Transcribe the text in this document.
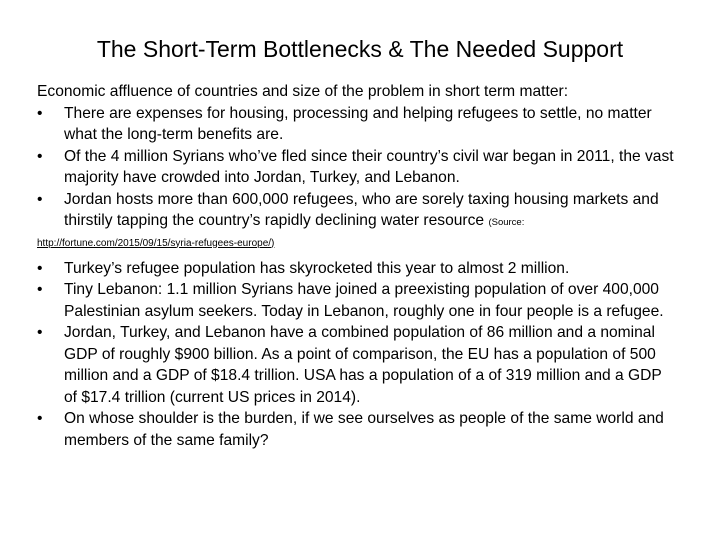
The Short-Term Bottlenecks & The Needed Support

Economic affluence of countries and size of the problem in short term matter:

• There are expenses for housing, processing and helping refugees to settle, no matter what the long-term benefits are.
• Of the 4 million Syrians who’ve fled since their country’s civil war began in 2011, the vast majority have crowded into Jordan, Turkey, and Lebanon.
• Jordan hosts more than 600,000 refugees, who are sorely taxing housing markets and thirstily tapping the country’s rapidly declining water resource (Source:
http://fortune.com/2015/09/15/syria-refugees-europe/)
• Turkey’s refugee population has skyrocketed this year to almost 2 million.
• Tiny Lebanon: 1.1 million Syrians have joined a preexisting population of over 400,000 Palestinian asylum seekers. Today in Lebanon, roughly one in four people is a refugee.
• Jordan, Turkey, and Lebanon have a combined population of 86 million and a nominal GDP of roughly $900 billion. As a point of comparison, the EU has a population of 500 million and a GDP of $18.4 trillion. USA has a population of a of 319 million and a GDP of $17.4 trillion (current US prices in 2014).
• On whose shoulder is the burden, if we see ourselves as people of the same world and members of the same family?
